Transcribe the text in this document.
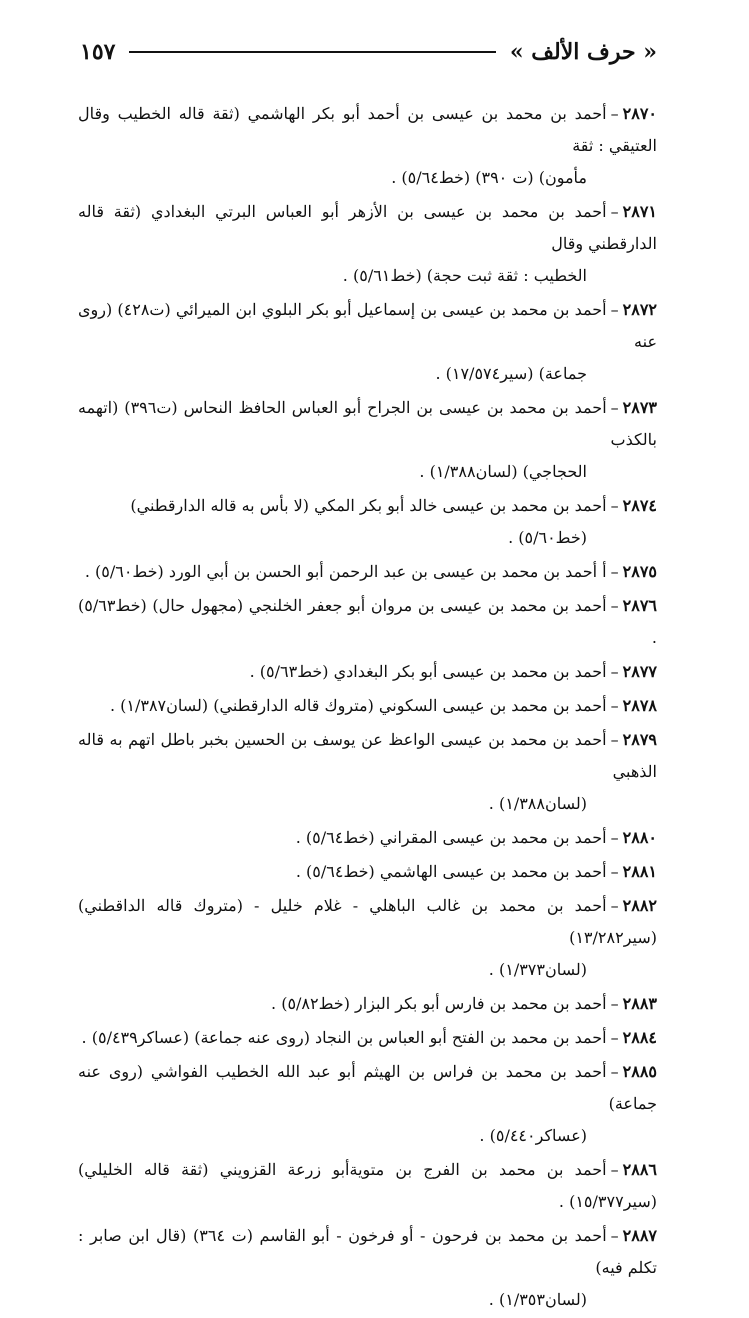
« حرف الألف »
١٥٧
٢٨٧٠–أحمد بن محمد بن عيسى بن أحمد أبو بكر الهاشمي (ثقة قاله الخطيب وقال العتيقي : ثقة
مأمون) (ت ٣٩٠) (خط٥/٦٤) .
٢٨٧١–أحمد بن محمد بن عيسى بن الأزهر أبو العباس البرتي البغدادي (ثقة قاله الدارقطني وقال
الخطيب : ثقة ثبت حجة) (خط٥/٦١) .
٢٨٧٢–أحمد بن محمد بن عيسى بن إسماعيل أبو بكر البلوي ابن الميرائي (ت٤٢٨) (روى عنه
جماعة) (سير١٧/٥٧٤) .
٢٨٧٣–أحمد بن محمد بن عيسى بن الجراح أبو العباس الحافظ النحاس (ت٣٩٦) (اتهمه بالكذب
الحجاجي) (لسان١/٣٨٨) .
٢٨٧٤–أحمد بن محمد بن عيسى خالد أبو بكر المكي (لا بأس به قاله الدارقطني)
(خط٥/٦٠) .
٢٨٧٥–أ أحمد بن محمد بن عيسى بن عبد الرحمن أبو الحسن بن أبي الورد (خط٥/٦٠) .
٢٨٧٦–أحمد بن محمد بن عيسى بن مروان أبو جعفر الخلنجي (مجهول حال) (خط٥/٦٣) .
٢٨٧٧–أحمد بن محمد بن عيسى أبو بكر البغدادي (خط٥/٦٣) .
٢٨٧٨–أحمد بن محمد بن عيسى السكوني (متروك قاله الدارقطني) (لسان١/٣٨٧) .
٢٨٧٩–أحمد بن محمد بن عيسى الواعظ عن يوسف بن الحسين بخبر باطل اتهم به قاله الذهبي
(لسان١/٣٨٨) .
٢٨٨٠–أحمد بن محمد بن عيسى المقراني (خط٥/٦٤) .
٢٨٨١–أحمد بن محمد بن عيسى الهاشمي (خط٥/٦٤) .
٢٨٨٢–أحمد بن محمد بن غالب الباهلي - غلام خليل - (متروك قاله الداقطني) (سير١٣/٢٨٢)
(لسان١/٣٧٣) .
٢٨٨٣–أحمد بن محمد بن فارس أبو بكر البزار (خط٥/٨٢) .
٢٨٨٤–أحمد بن محمد بن الفتح أبو العباس بن النجاد (روى عنه جماعة) (عساكر٥/٤٣٩) .
٢٨٨٥–أحمد بن محمد بن فراس بن الهيثم أبو عبد الله الخطيب الفواشي (روى عنه جماعة)
(عساكر٥/٤٤٠) .
٢٨٨٦–أحمد بن محمد بن الفرج بن متويةأبو زرعة القزويني (ثقة قاله الخليلي) (سير١٥/٣٧٧) .
٢٨٨٧–أحمد بن محمد بن فرحون - أو فرخون - أبو القاسم (ت ٣٦٤) (قال ابن صابر : تكلم فيه)
(لسان١/٣٥٣) .
